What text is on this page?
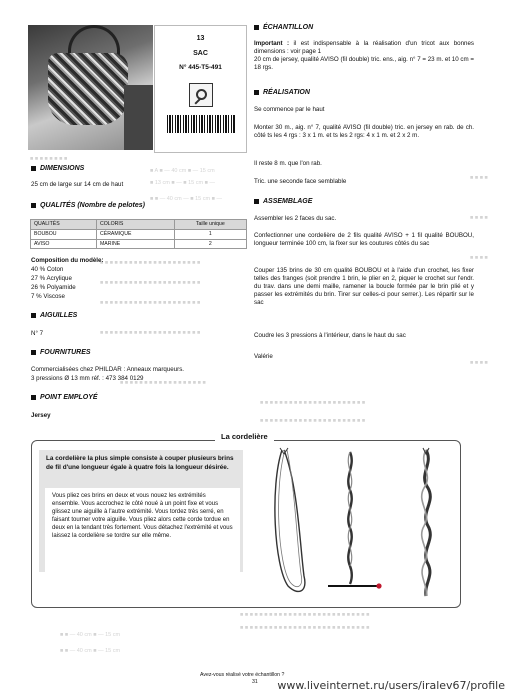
■ ■ ■ ■ ■ ■ ■ ■
■ A ■ — 40 cm ■ — 15 cm
■ 13 cm ■ — ■ 15 cm ■ —
■ ■ — 40 cm — ■ 15 cm ■ —
■ ■ ■ ■ ■ ■ ■ ■ ■ ■ ■ ■ ■ ■ ■ ■ ■ ■ ■ ■ ■
■ ■ ■ ■ ■ ■ ■ ■ ■ ■ ■ ■ ■ ■ ■ ■ ■ ■ ■ ■ ■
■ ■ ■ ■ ■ ■ ■ ■ ■ ■ ■ ■ ■ ■ ■ ■ ■ ■ ■ ■ ■
■ ■ ■ ■ ■ ■ ■ ■ ■ ■ ■ ■ ■ ■ ■ ■ ■ ■ ■ ■ ■
■ ■ ■ ■ ■ ■ ■ ■ ■ ■ ■ ■ ■ ■ ■ ■ ■ ■
■ ■ ■ ■
■ ■ ■ ■
■ ■ ■ ■
■ ■ ■ ■
■ ■ ■ ■ ■ ■ ■ ■ ■ ■ ■ ■ ■ ■ ■ ■ ■ ■ ■ ■ ■ ■
■ ■ ■ ■ ■ ■ ■ ■ ■ ■ ■ ■ ■ ■ ■ ■ ■ ■ ■ ■ ■ ■
■ ■ ■ ■ ■ ■ ■ ■ ■ ■ ■ ■ ■ ■ ■ ■ ■ ■ ■ ■ ■ ■ ■ ■ ■ ■ ■
■ ■ ■ ■ ■ ■ ■ ■ ■ ■ ■ ■ ■ ■ ■ ■ ■ ■ ■ ■ ■ ■ ■ ■ ■ ■ ■
■ ■ — 40 cm ■ — 15 cm
■ ■ — 40 cm ■ — 15 cm
13
SAC
N° 445-T5-491
DIMENSIONS
25 cm de large sur 14 cm de haut
QUALITÉS (Nombre de pelotes)
QUALITÉS	COLORIS	Taille unique
BOUBOU	CÉRAMIQUE	1
AVISO	MARINE	2
Composition du modèle:
40 % Coton
27 % Acrylique
26 % Polyamide
7 % Viscose
AIGUILLES
N° 7
FOURNITURES
Commercialisées chez PHILDAR : Anneaux marqueurs.
3 pressions Ø 13 mm réf. : 473 384 0129
POINT EMPLOYÉ
Jersey
ÉCHANTILLON
Important : il est indispensable à la réalisation d'un tricot aux bonnes dimensions : voir page 1
20 cm de jersey, qualité AVISO (fil double) tric. ens., aig. n° 7 = 23 m. et 10 cm = 18 rgs.
RÉALISATION
Se commence par le haut
Monter 30 m., aig. n° 7, qualité AVISO (fil double) tric. en jersey en rab. de ch. côté ts les 4 rgs : 3 x 1 m. et ts les 2 rgs: 4 x 1 m. et 2 x 2 m.
Il reste 8 m. que l'on rab.
Tric. une seconde face semblable
ASSEMBLAGE
Assembler les 2 faces du sac.
Confectionner une cordelière de 2 fils qualité AVISO + 1 fil qualité BOUBOU, longueur terminée 100 cm, la fixer sur les coutures côtés du sac
Couper 135 brins de 30 cm qualité BOUBOU et à l'aide d'un crochet, les fixer telles des franges (soit prendre 1 brin, le plier en 2, piquer le crochet sur l'endr. du trav. dans une demi maille, ramener la boucle formée par le brin plié et y passer les extrémités du brin. Tirer sur celles-ci pour serrer.). Les répartir sur le sac
Coudre les 3 pressions à l'intérieur, dans le haut du sac
Valérie
La cordelière
La cordelière la plus simple consiste à couper plusieurs brins de fil d'une longueur égale à quatre fois la longueur désirée.
Vous pliez ces brins en deux et vous nouez les extrémités ensemble. Vous accrochez le côté noué à un point fixe et vous glissez une aiguille à l'autre extrémité. Vous tordez très serré, en faisant tourner votre aiguille. Vous pliez alors cette corde tordue en deux en la tendant très fortement. Vous détachez l'extrémité et vous laissez la cordelière se tordre sur elle même.
Avez-vous réalisé votre échantillon ?
31 www.liveinternet.ru/users/iralev67/profile
